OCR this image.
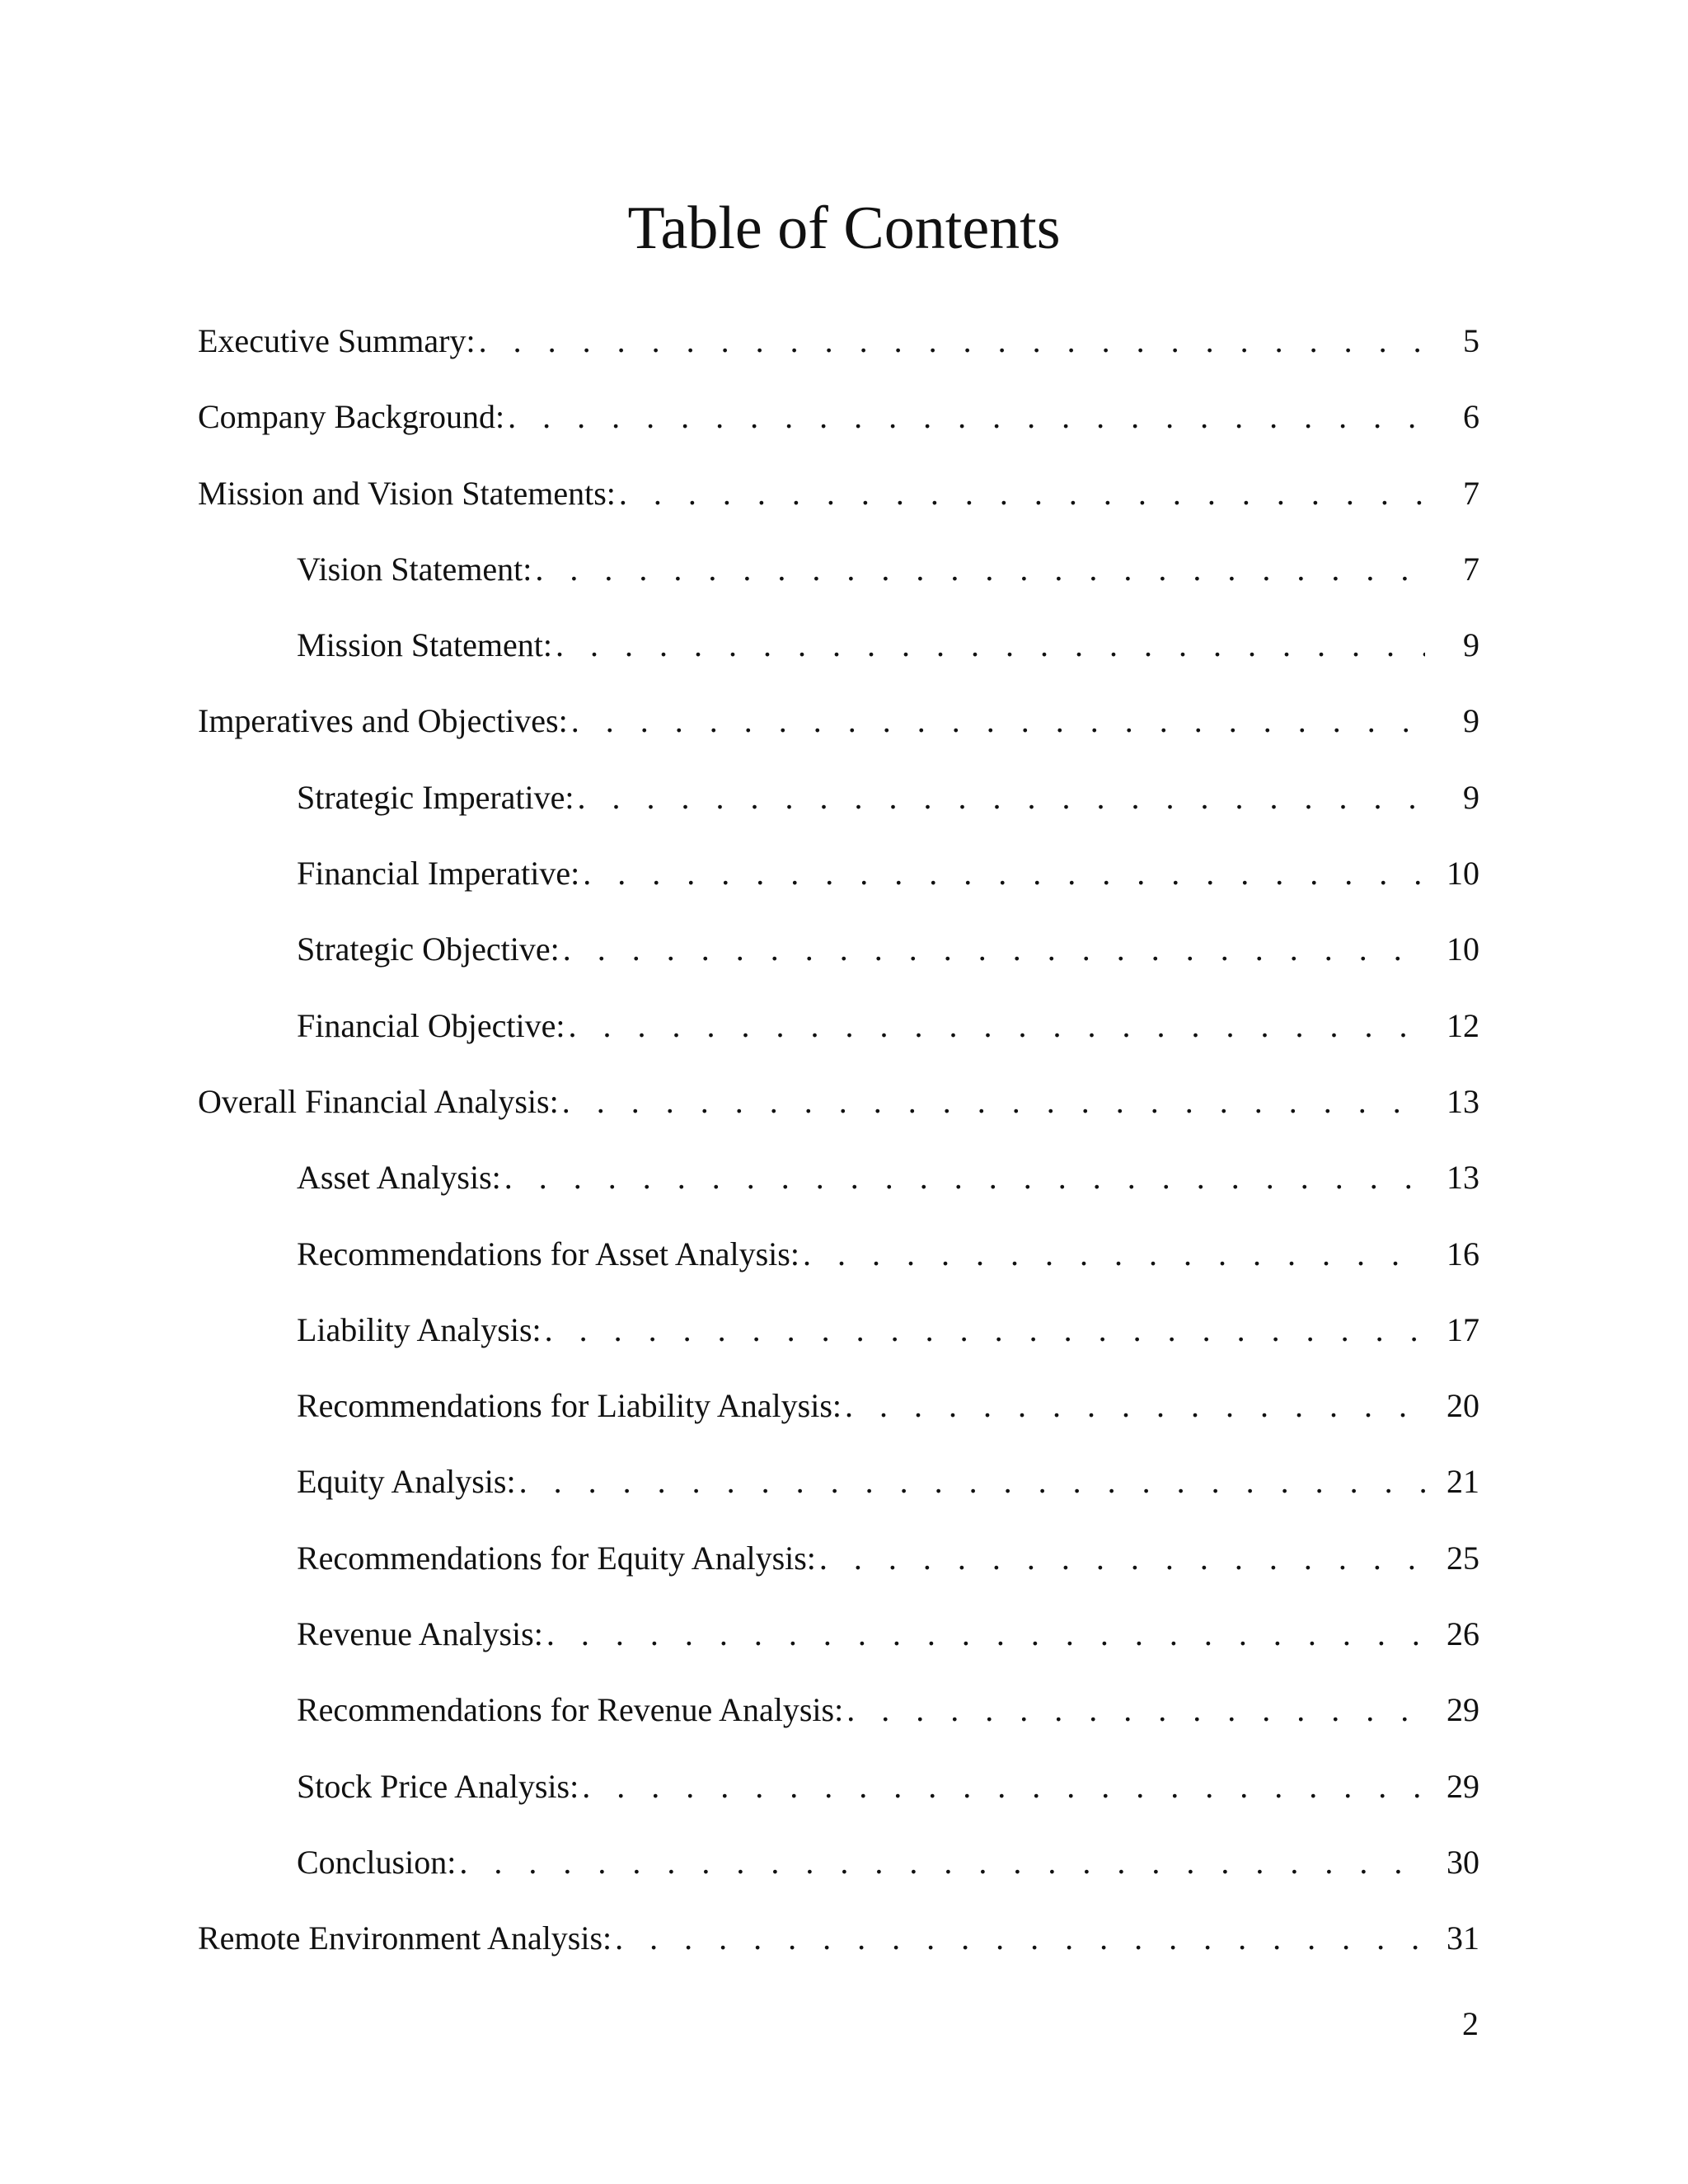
Table of Contents
Executive Summary: . . .	5
Company Background: . . .	6
Mission and Vision Statements: . . .	7
Vision Statement: . . .	7
Mission Statement: . . .	9
Imperatives and Objectives: . . .	9
Strategic Imperative: . . .	9
Financial Imperative: . . .	10
Strategic Objective: . . .	10
Financial Objective: . . .	12
Overall Financial Analysis: . . .	13
Asset Analysis: . . .	13
Recommendations for Asset Analysis: . . .	16
Liability Analysis: . . .	17
Recommendations for Liability Analysis: . . .	20
Equity Analysis: . . .	21
Recommendations for Equity Analysis: . . .	25
Revenue Analysis: . . .	26
Recommendations for Revenue Analysis: . . .	29
Stock Price Analysis: . . .	29
Conclusion: . . .	30
Remote Environment Analysis: . . .	31
2
